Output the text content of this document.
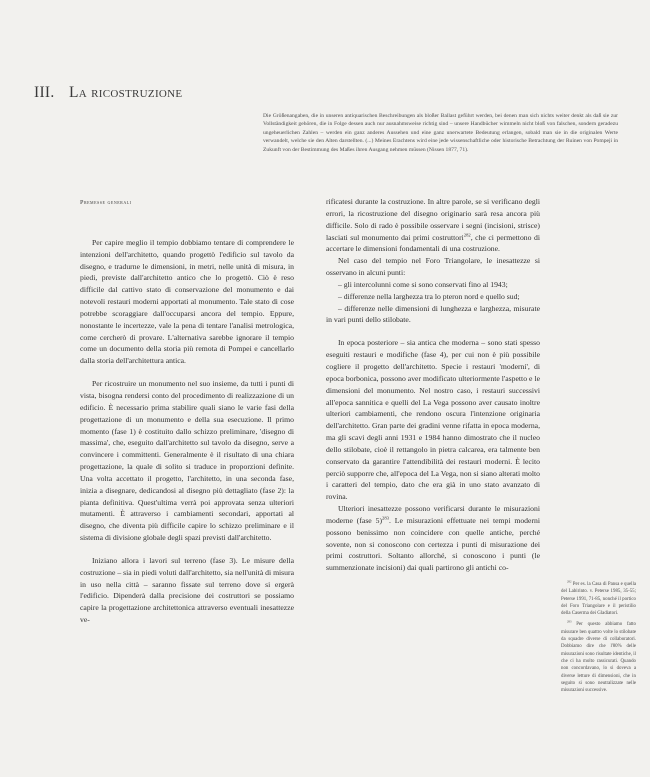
III. La ricostruzione

Die Größenangaben, die in unseren antiquarischen Beschreibungen als bloßer Ballast geführt werden, bei denen man sich nichts weiter denkt als daß sie zur Vollständigkeit gehören, die in Folge dessen auch nur ausnahmsweise richtig sind – unsere Handbücher wimmeln nicht bloß von falschen, sondern geradezu ungeheuerlichen Zahlen – werden ein ganz anderes Aussehen und eine ganz unerwartete Bedeutung erlangen, sobald man sie in die originalen Werte verwandelt, welche sie den Alten darstellten. (...) Meines Erachtens wird eine jede wissenschaftliche oder historische Betrachtung der Ruinen von Pompeji in Zukunft von der Bestimmung des Maßes ihren Ausgang nehmen müssen (Nissen 1877, 71).

Premesse generali

Per capire meglio il tempio dobbiamo tentare di comprendere le intenzioni dell'architetto, quando progettò l'edificio sul tavolo da disegno, e tradurne le dimensioni, in metri, nelle unità di misura, in piedi, previste dall'architetto antico che lo progettò. Ciò è reso difficile dal cattivo stato di conservazione del monumento e dai notevoli restauri moderni apportati al monumento. Tale stato di cose potrebbe scoraggiare dall'occuparsi ancora del tempio. Eppure, nonostante le incertezze, vale la pena di tentare l'analisi metrologica, come cercherò di provare. L'alternativa sarebbe ignorare il tempio come un documento della storia più remota di Pompei e cancellarlo dalla storia dell'architettura antica.

Per ricostruire un monumento nel suo insieme, da tutti i punti di vista, bisogna rendersi conto del procedimento di realizzazione di un edificio. È necessario prima stabilire quali siano le varie fasi della progettazione di un monumento e della sua esecuzione. Il primo momento (fase 1) è costituito dallo schizzo preliminare, 'disegno di massima', che, eseguito dall'architetto sul tavolo da disegno, serve a convincere i committenti. Generalmente è il risultato di una chiara progettazione, la quale di solito si traduce in proporzioni definite. Una volta accettato il progetto, l'architetto, in una seconda fase, inizia a disegnare, dedicandosi al disegno più dettagliato (fase 2): la pianta definitiva. Quest'ultima verrà poi approvata senza ulteriori mutamenti. È attraverso i cambiamenti secondari, apportati al disegno, che diventa più difficile capire lo schizzo preliminare e il sistema di divisione globale degli spazi previsti dall'architetto.

Iniziano allora i lavori sul terreno (fase 3). Le misure della costruzione – sia in piedi voluti dall'architetto, sia nell'unità di misura in uso nella città – saranno fissate sul terreno dove si ergerà l'edificio. Dipenderà dalla precisione dei costruttori se possiamo capire la progettazione architettonica attraverso eventuali inesattezze ve-

rificatesi durante la costruzione. In altre parole, se si verificano degli errori, la ricostruzione del disegno originario sarà resa ancora più difficile. Solo di rado è possibile osservare i segni (incisioni, strisce) lasciati sul monumento dai primi costruttori$^{282}$, che ci permettono di accertare le dimensioni fondamentali di una costruzione.

Nel caso del tempio nel Foro Triangolare, le inesattezze si osservano in alcuni punti:

– gli intercolunni come si sono conservati fino al 1943;
– differenze nella larghezza tra lo pteron nord e quello sud;
– differenze nelle dimensioni di lunghezza e larghezza, misurate in vari punti dello stilobate.

In epoca posteriore – sia antica che moderna – sono stati spesso eseguiti restauri e modifiche (fase 4), per cui non è più possibile cogliere il progetto dell'architetto. Specie i restauri 'moderni', di epoca borbonica, possono aver modificato ulteriormente l'aspetto e le dimensioni del monumento. Nel nostro caso, i restauri successivi all'epoca sannitica e quelli del La Vega possono aver causato inoltre ulteriori cambiamenti, che rendono oscura l'intenzione originaria dell'architetto. Gran parte dei gradini venne rifatta in epoca moderna, ma gli scavi degli anni 1931 e 1984 hanno dimostrato che il nucleo dello stilobate, cioè il rettangolo in pietra calcarea, era talmente ben conservato da garantire l'attendibilità dei restauri moderni. È lecito perciò supporre che, all'epoca del La Vega, non si siano alterati molto i caratteri del tempio, dato che era già in uno stato avanzato di rovina.

Ulteriori inesattezze possono verificarsi durante le misurazioni moderne (fase 5)$^{283}$. Le misurazioni effettuate nei tempi moderni possono benissimo non coincidere con quelle antiche, perché sovente, non si conoscono con certezza i punti di misurazione dei primi costruttori. Soltanto allorché, si conoscono i punti (le summenzionate incisioni) dai quali partirono gli antichi co-

$^{282}$ Per es. la Casa di Pansa e quella del Labirinto. v. Peterse 1985, 35-55; Peterse 1991, 71-85, nonché il portico del Foro Triangolare e il peristilio della Caserma dei Gladiatori.

$^{283}$ Per questo abbiamo fatto misurare ben quattro volte lo stilobate da squadre diverse di collaboratori. Dobbiamo dire che l'80% delle misurazioni sono risultate identiche, il che ci ha molto rassicurati. Quando non concordavano, lo si doveva a diverse letture di dimensioni, che in seguito si sono neutralizzate nelle misurazioni successive.
